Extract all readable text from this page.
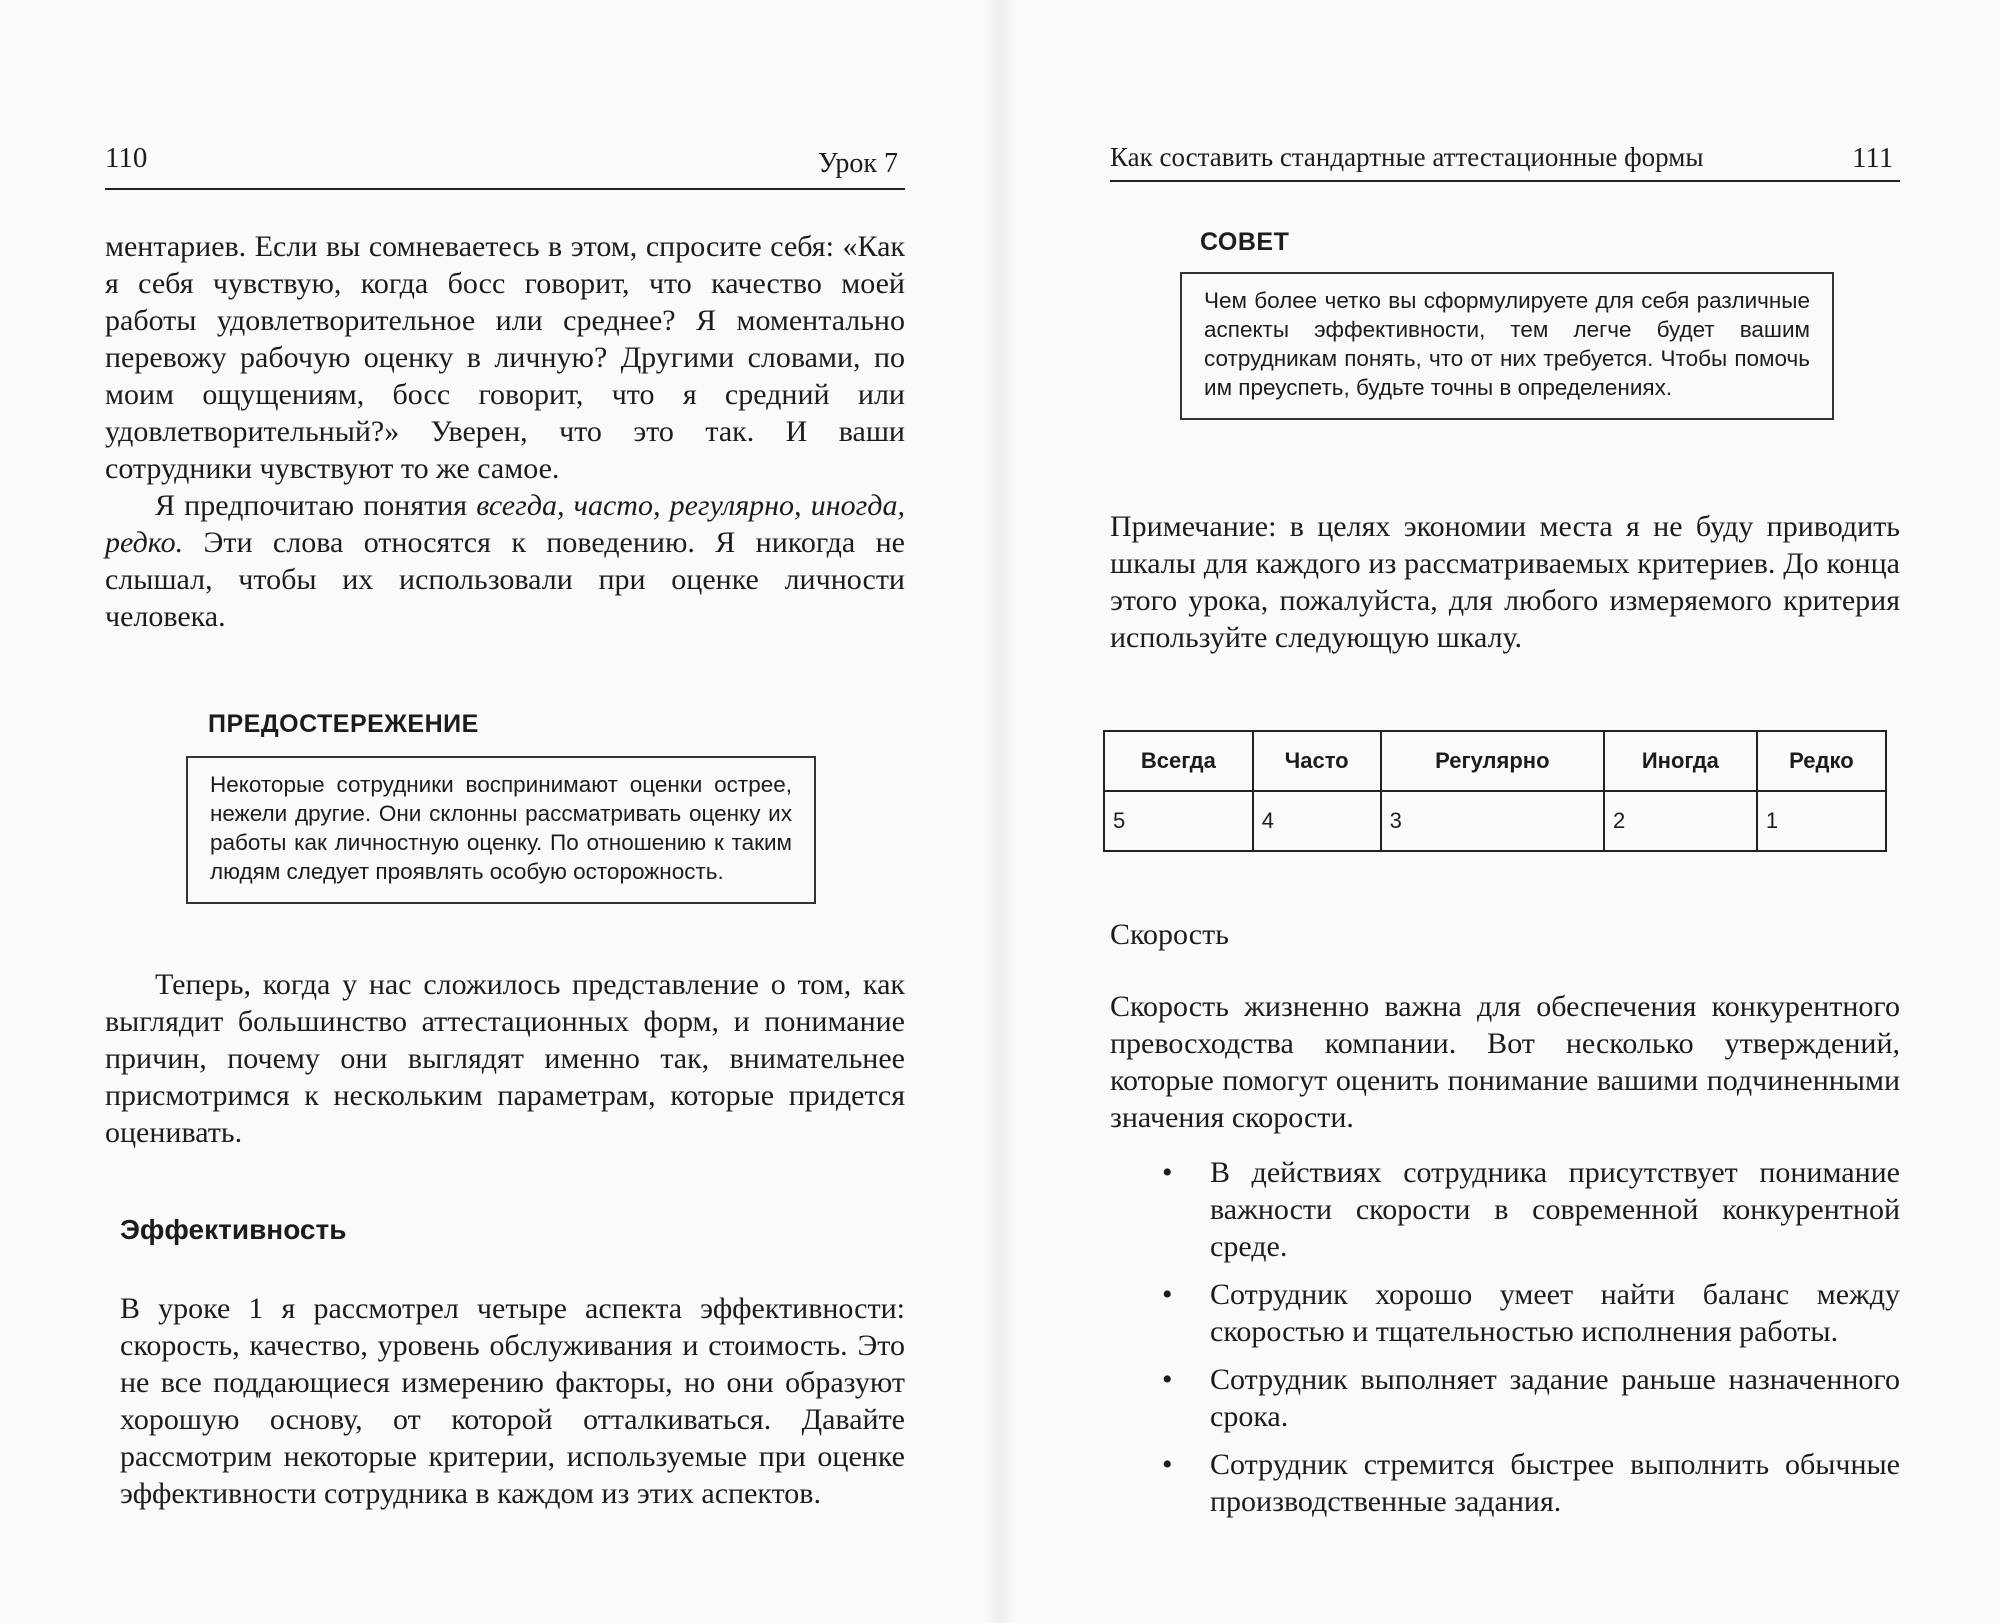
110	Урок 7

ментариев. Если вы сомневаетесь в этом, спросите себя: «Как я себя чувствую, когда босс говорит, что качество моей работы удовлетворительное или среднее? Я моментально перевожу рабочую оценку в личную? Другими словами, по моим ощущениям, босс говорит, что я средний или удовлетворительный?» Уверен, что это так. И ваши сотрудники чувствуют то же самое.

Я предпочитаю понятия всегда, часто, регулярно, иногда, редко. Эти слова относятся к поведению. Я никогда не слышал, чтобы их использовали при оценке личности человека.

ПРЕДОСТЕРЕЖЕНИЕ

Некоторые сотрудники воспринимают оценки острее, нежели другие. Они склонны рассматривать оценку их работы как личностную оценку. По отношению к таким людям следует проявлять особую осторожность.

Теперь, когда у нас сложилось представление о том, как выглядит большинство аттестационных форм, и понимание причин, почему они выглядят именно так, внимательнее присмотримся к нескольким параметрам, которые придется оценивать.

Эффективность

В уроке 1 я рассмотрел четыре аспекта эффективности: скорость, качество, уровень обслуживания и стоимость. Это не все поддающиеся измерению факторы, но они образуют хорошую основу, от которой отталкиваться. Давайте рассмотрим некоторые критерии, используемые при оценке эффективности сотрудника в каждом из этих аспектов.

Как составить стандартные аттестационные формы	111

СОВЕТ

Чем более четко вы сформулируете для себя различные аспекты эффективности, тем легче будет вашим сотрудникам понять, что от них требуется. Чтобы помочь им преуспеть, будьте точны в определениях.

Примечание: в целях экономии места я не буду приводить шкалы для каждого из рассматриваемых критериев. До конца этого урока, пожалуйста, для любого измеряемого критерия используйте следующую шкалу.

Всегда	Часто	Регулярно	Иногда	Редко
5	4	3	2	1

Скорость

Скорость жизненно важна для обеспечения конкурентного превосходства компании. Вот несколько утверждений, которые помогут оценить понимание вашими подчиненными значения скорости.

• В действиях сотрудника присутствует понимание важности скорости в современной конкурентной среде.
• Сотрудник хорошо умеет найти баланс между скоростью и тщательностью исполнения работы.
• Сотрудник выполняет задание раньше назначенного срока.
• Сотрудник стремится быстрее выполнить обычные производственные задания.
